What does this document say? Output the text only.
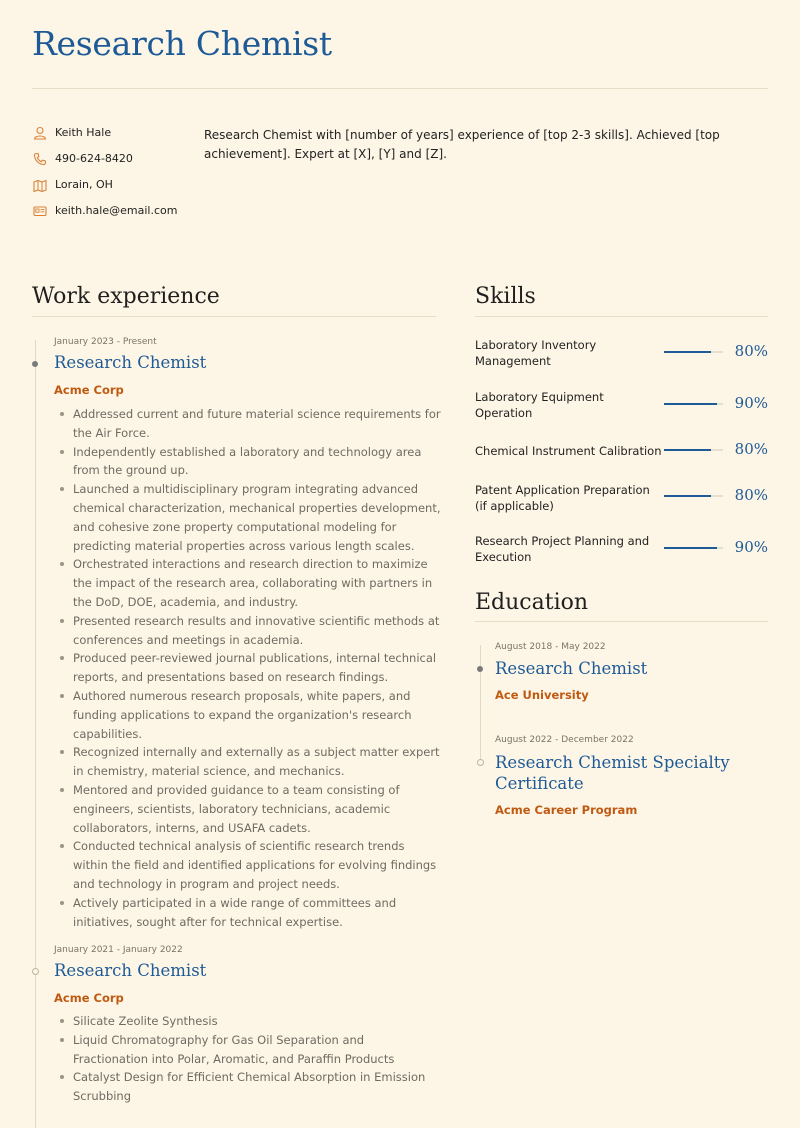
Research Chemist
Keith Hale
490-624-8420
Lorain, OH
keith.hale@email.com
Research Chemist with [number of years] experience of [top 2-3 skills]. Achieved [top achievement]. Expert at [X], [Y] and [Z].
Work experience
January 2023 - Present
Research Chemist
Acme Corp
Addressed current and future material science requirements for the Air Force.
Independently established a laboratory and technology area from the ground up.
Launched a multidisciplinary program integrating advanced chemical characterization, mechanical properties development, and cohesive zone property computational modeling for predicting material properties across various length scales.
Orchestrated interactions and research direction to maximize the impact of the research area, collaborating with partners in the DoD, DOE, academia, and industry.
Presented research results and innovative scientific methods at conferences and meetings in academia.
Produced peer-reviewed journal publications, internal technical reports, and presentations based on research findings.
Authored numerous research proposals, white papers, and funding applications to expand the organization's research capabilities.
Recognized internally and externally as a subject matter expert in chemistry, material science, and mechanics.
Mentored and provided guidance to a team consisting of engineers, scientists, laboratory technicians, academic collaborators, interns, and USAFA cadets.
Conducted technical analysis of scientific research trends within the field and identified applications for evolving findings and technology in program and project needs.
Actively participated in a wide range of committees and initiatives, sought after for technical expertise.
January 2021 - January 2022
Research Chemist
Acme Corp
Silicate Zeolite Synthesis
Liquid Chromatography for Gas Oil Separation and Fractionation into Polar, Aromatic, and Paraffin Products
Catalyst Design for Efficient Chemical Absorption in Emission Scrubbing
Skills
Laboratory Inventory Management
80%
Laboratory Equipment Operation
90%
Chemical Instrument Calibration	80%
Patent Application Preparation (if applicable)
80%
Research Project Planning and Execution
90%
Education
August 2018 - May 2022
Research Chemist
Ace University
August 2022 - December 2022
Research Chemist Specialty Certificate
Acme Career Program
